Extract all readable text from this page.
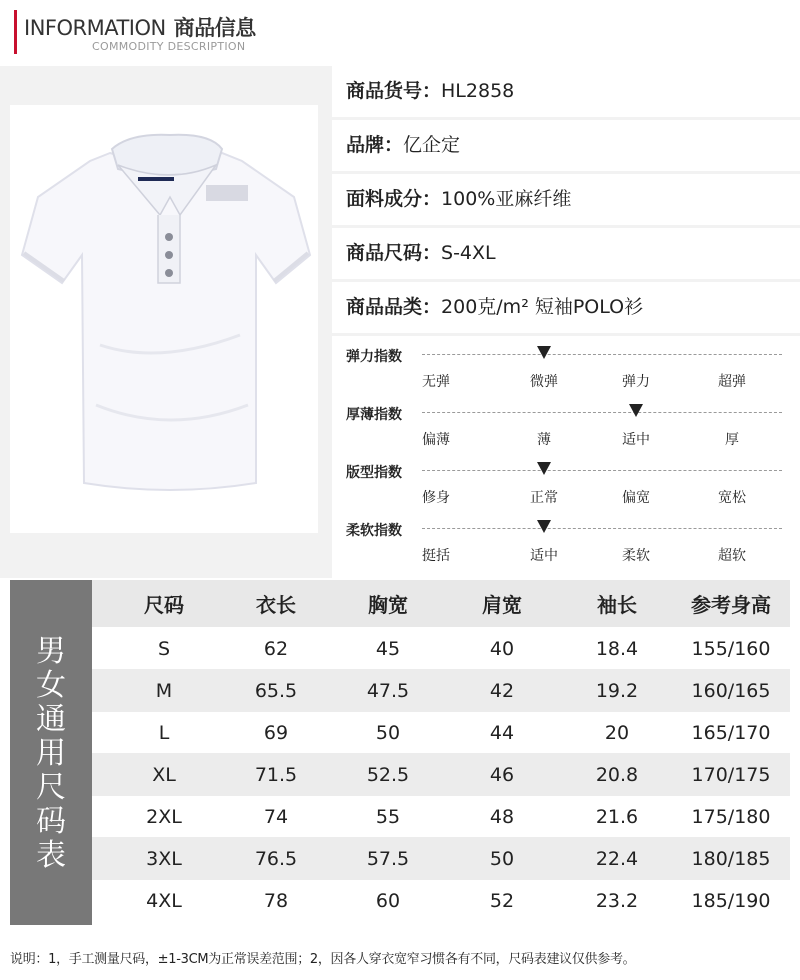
INFORMATION 商品信息
COMMODITY DESCRIPTION
商品货号：HL2858
品牌：亿企定
面料成分：100%亚麻纤维
商品尺码：S-4XL
商品品类：200克/m² 短袖POLO衫
弹力指数
无弹	微弹	弹力	超弹
厚薄指数
偏薄	薄	适中	厚
版型指数
修身	正常	偏宽	宽松
柔软指数
挺括	适中	柔软	超软
男
女
通
用
尺
码
表
尺码	衣长	胸宽	肩宽	袖长	参考身高
S	62	45	40	18.4	155/160
M	65.5	47.5	42	19.2	160/165
L	69	50	44	20	165/170
XL	71.5	52.5	46	20.8	170/175
2XL	74	55	48	21.6	175/180
3XL	76.5	57.5	50	22.4	180/185
4XL	78	60	52	23.2	185/190
说明：1，手工测量尺码，±1-3CM为正常误差范围；2，因各人穿衣宽窄习惯各有不同，尺码表建议仅供参考。
